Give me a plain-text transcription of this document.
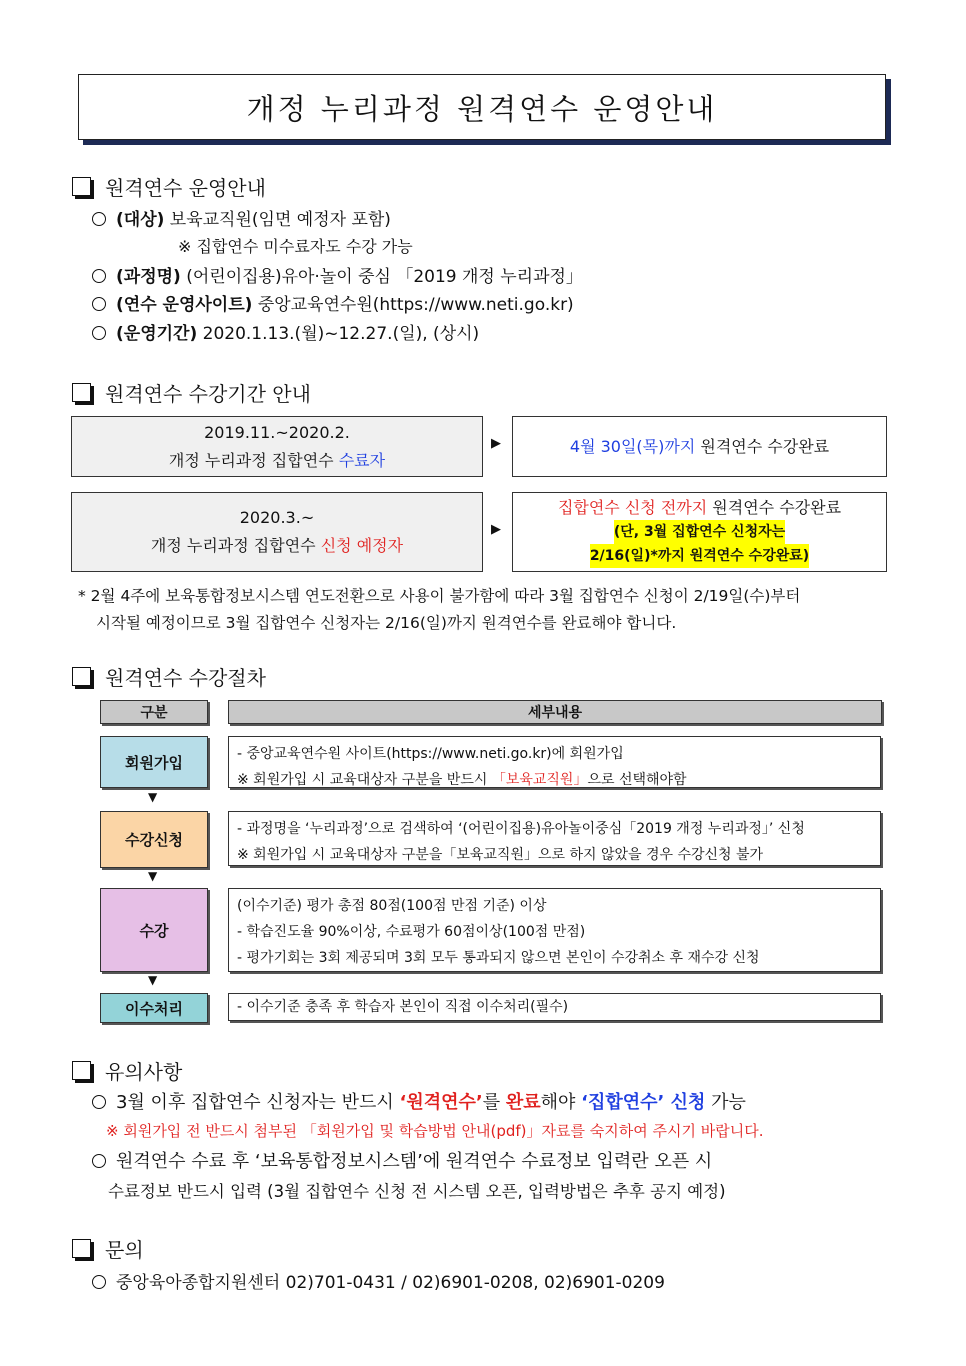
개정 누리과정 원격연수 운영안내
원격연수 운영안내
(대상) 보육교직원(임면 예정자 포함)
※ 집합연수 미수료자도 수강 가능
(과정명) (어린이집용)유아·놀이 중심 「2019 개정 누리과정」
(연수 운영사이트) 중앙교육연수원(https://www.neti.go.kr)
(운영기간) 2020.1.13.(월)~12.27.(일), (상시)
원격연수 수강기간 안내
2019.11.~2020.2.
개정 누리과정 집합연수 수료자
▶	4월 30일(목)까지 원격연수 수강완료
2020.3.~
개정 누리과정 집합연수 신청 예정자
▶
집합연수 신청 전까지 원격연수 수강완료
(단, 3월 집합연수 신청자는
2/16(일)*까지 원격연수 수강완료)
* 2월 4주에 보육통합정보시스템 연도전환으로 사용이 불가함에 따라 3월 집합연수 신청이 2/19일(수)부터
시작될 예정이므로 3월 집합연수 신청자는 2/16(일)까지 원격연수를 완료해야 합니다.
원격연수 수강절차
구분	세부내용
회원가입	- 중앙교육연수원 사이트(https://www.neti.go.kr)에 회원가입
※ 회원가입 시 교육대상자 구분을 반드시 「보육교직원」으로 선택해야함
▼
수강신청
- 과정명을 ‘누리과정’으로 검색하여 ‘(어린이집용)유아놀이중심「2019 개정 누리과정」’ 신청
※ 회원가입 시 교육대상자 구분을「보육교직원」으로 하지 않았을 경우 수강신청 불가
▼
수강
(이수기준) 평가 총점 80점(100점 만점 기준) 이상
- 학습진도율 90%이상, 수료평가 60점이상(100점 만점)
- 평가기회는 3회 제공되며 3회 모두 통과되지 않으면 본인이 수강취소 후 재수강 신청
▼
이수처리	- 이수기준 충족 후 학습자 본인이 직접 이수처리(필수)
유의사항
3월 이후 집합연수 신청자는 반드시 ‘원격연수’를 완료해야 ‘집합연수’ 신청 가능
※ 회원가입 전 반드시 첨부된 「회원가입 및 학습방법 안내(pdf)」자료를 숙지하여 주시기 바랍니다.
원격연수 수료 후 ‘보육통합정보시스템’에 원격연수 수료정보 입력란 오픈 시
수료정보 반드시 입력 (3월 집합연수 신청 전 시스템 오픈, 입력방법은 추후 공지 예정)
문의
중앙육아종합지원센터 02)701-0431 / 02)6901-0208, 02)6901-0209
